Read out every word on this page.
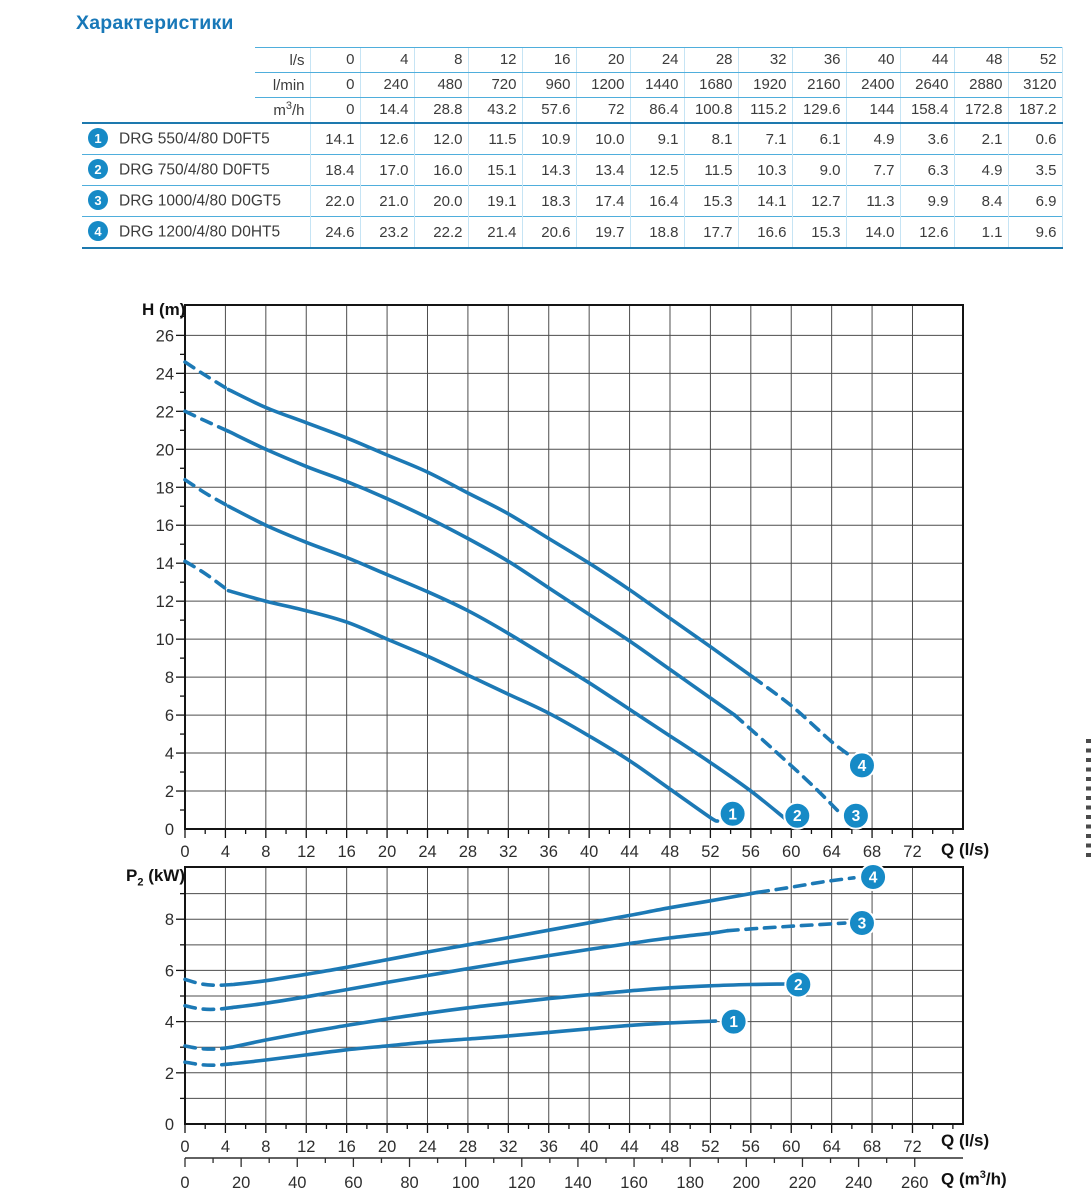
Характеристики
l/s	0	4	8	12	16	20	24	28	32	36	40	44	48	52
l/min	0	240	480	720	960	1200	1440	1680	1920	2160	2400	2640	2880	3120
$m^3/h$	0	14.4	28.8	43.2	57.6	72	86.4	100.8	115.2	129.6	144	158.4	172.8	187.2
1 DRG 550/4/80 D0FT5	14.1	12.6	12.0	11.5	10.9	10.0	9.1	8.1	7.1	6.1	4.9	3.6	2.1	0.6
2 DRG 750/4/80 D0FT5	18.4	17.0	16.0	15.1	14.3	13.4	12.5	11.5	10.3	9.0	7.7	6.3	4.9	3.5
3 DRG 1000/4/80 D0GT5	22.0	21.0	20.0	19.1	18.3	17.4	16.4	15.3	14.1	12.7	11.3	9.9	8.4	6.9
4 DRG 1200/4/80 D0HT5	24.6	23.2	22.2	21.4	20.6	19.7	18.8	17.7	16.6	15.3	14.0	12.6	1.1	9.6
0 4 8 12 16 20 24 28 32 36 40 44 48 52 56 60 64 68 72
0
2
4
6
8
10
12
14
16
18
20
22
24
26
1	2	3
4
0 4 8 12 16 20 24 28 32 36 40 44 48 52 56 60 64 68 72
0
2
4
6
8
0	20 40 60 80 100 120 140 160 180 200 220 240 260
1
2
3
4
H (m)
$P_2$ (kW)
Q (l/s)
Q (l/s)
Q $(m^3/h)$
